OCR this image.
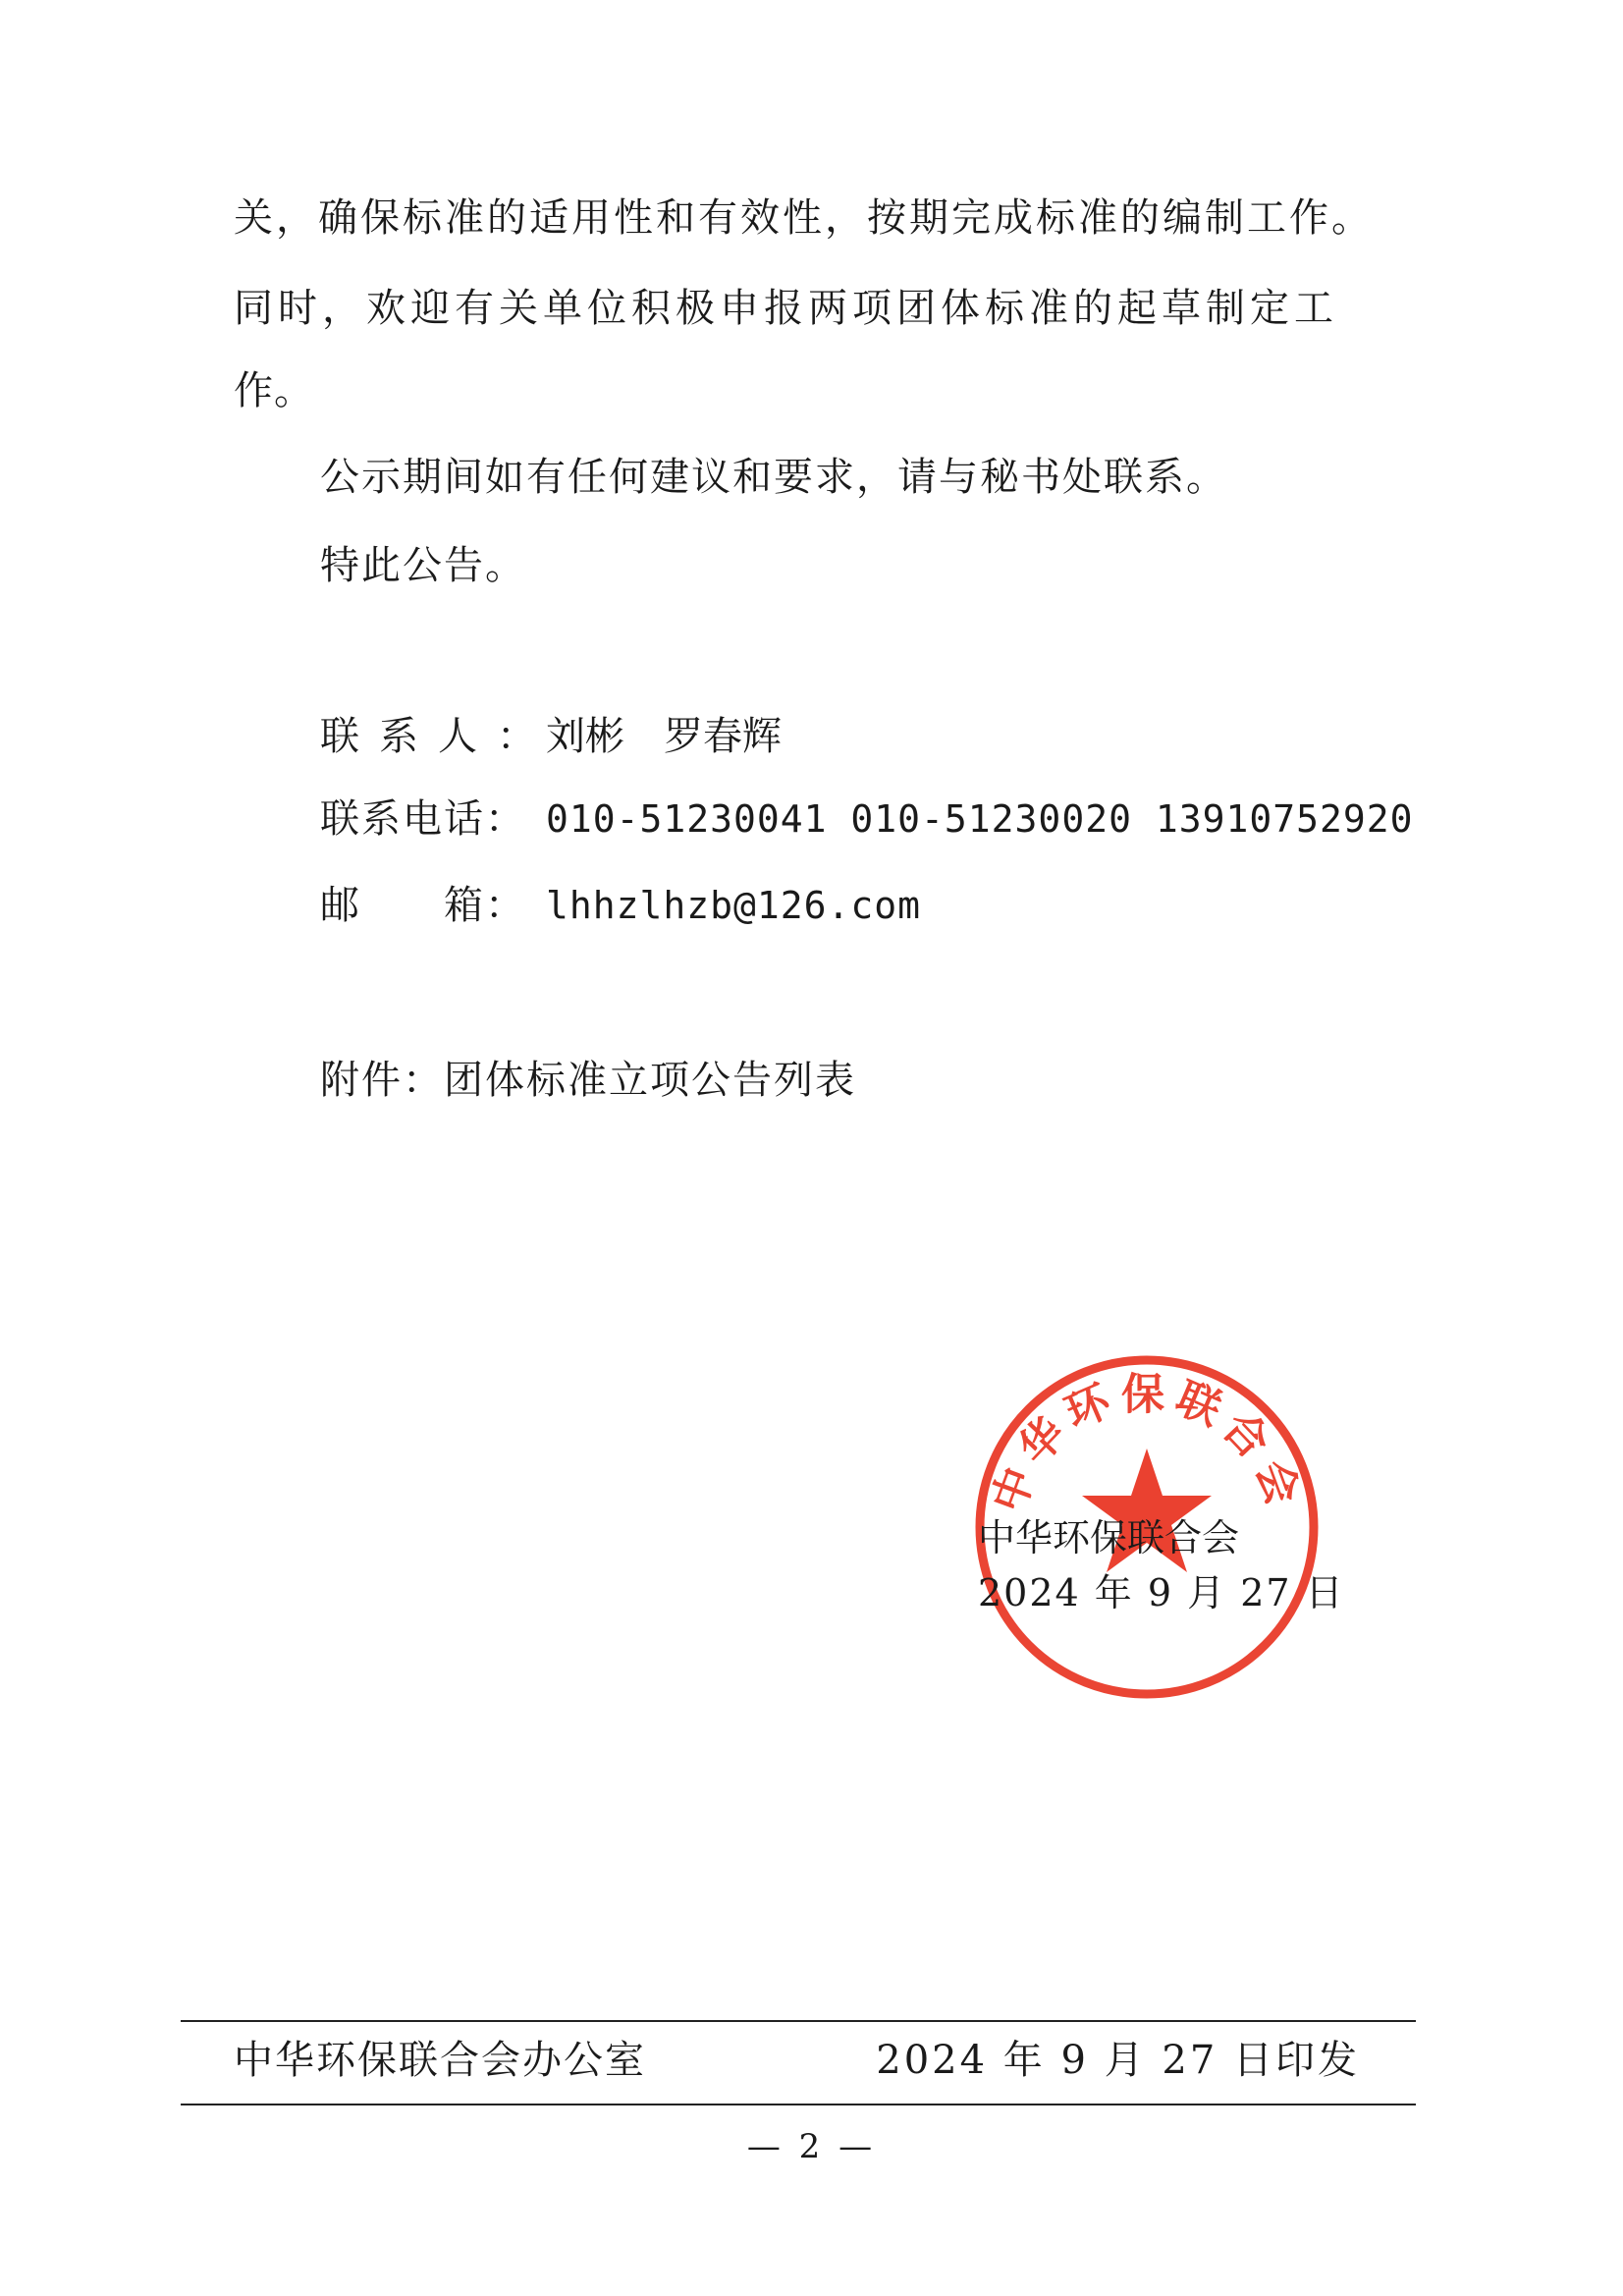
关，确保标准的适用性和有效性，按期完成标准的编制工作。
同时，欢迎有关单位积极申报两项团体标准的起草制定工
作。
公示期间如有任何建议和要求，请与秘书处联系。
特此公告。
联系人：刘彬　罗春辉
联系电话： 010-51230041 010-51230020 13910752920
邮　　箱： lhhzlhzb@126.com
附件：团体标准立项公告列表
中华环保联合会
中华环保联合会
2024 年 9 月 27 日
中华环保联合会办公室	2024 年 9 月 27 日印发
— 2 —
